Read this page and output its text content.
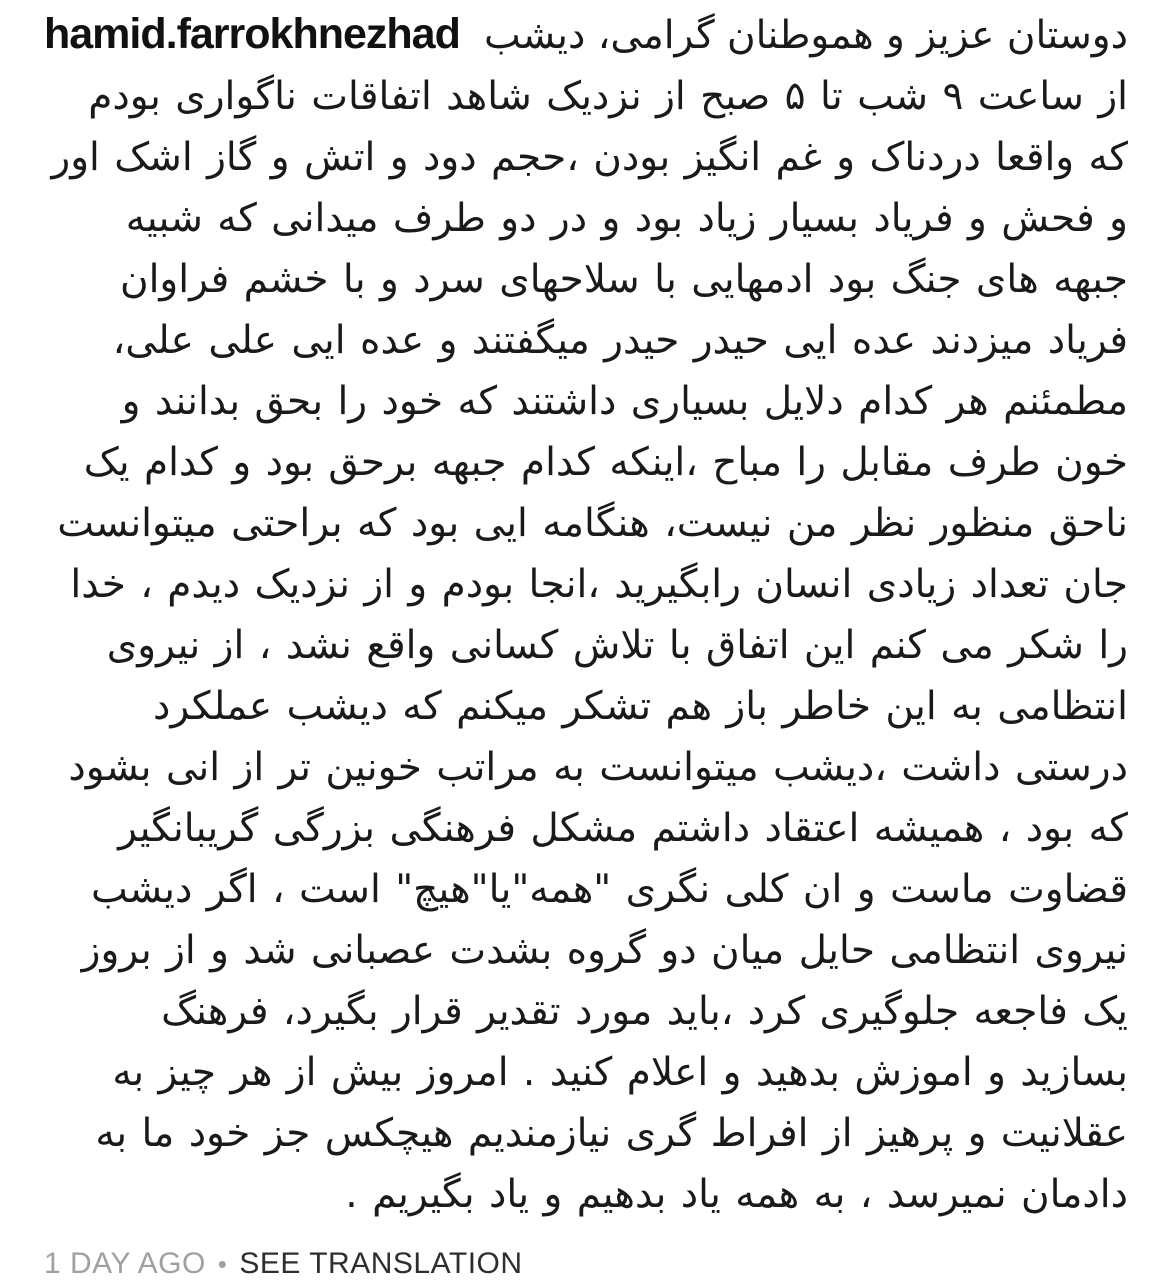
hamid.farrokhnezhad دوستان عزیز و هموطنان گرامی، دیشب
از ساعت ۹ شب تا ۵ صبح از نزدیک شاهد اتفاقات ناگواری بودم که واقعا دردناک و غم انگیز بودن ،حجم دود و اتش و گاز اشک اور و فحش و فریاد بسیار زیاد بود و در دو طرف میدانی که شبیه جبهه های جنگ بود ادمهایی با سلاحهای سرد و با خشم فراوان فریاد میزدند عده ایی حیدر حیدر میگفتند و عده ایی علی علی، مطمئنم هر کدام دلایل بسیاری داشتند که خود را بحق بدانند و خون طرف مقابل را مباح ،اینکه کدام جبهه برحق بود و کدام یک ناحق منظور نظر من نیست، هنگامه ایی بود که براحتی میتوانست جان تعداد زیادی انسان رابگیرید ،انجا بودم و از نزدیک دیدم ، خدا را شکر می کنم این اتفاق با تلاش کسانی واقع نشد ، از نیروی انتظامی به این خاطر باز هم تشکر میکنم که دیشب عملکرد درستی داشت ،دیشب میتوانست به مراتب خونین تر از انی بشود که بود ، همیشه اعتقاد داشتم مشکل فرهنگی بزرگی گریبانگیر قضاوت ماست و ان کلی نگری "همه"یا"هیچ" است ، اگر دیشب نیروی انتظامی حایل میان دو گروه بشدت عصبانی شد و از بروز یک فاجعه جلوگیری کرد ،باید مورد تقدیر قرار بگیرد، فرهنگ بسازید و اموزش بدهید و اعلام کنید . امروز بیش از هر چیز به عقلانیت و پرهیز از افراط گری نیازمندیم هیچکس جز خود ما به دادمان نمیرسد ، به همه یاد بدهیم و یاد بگیریم .
1 DAY AGO • SEE TRANSLATION
